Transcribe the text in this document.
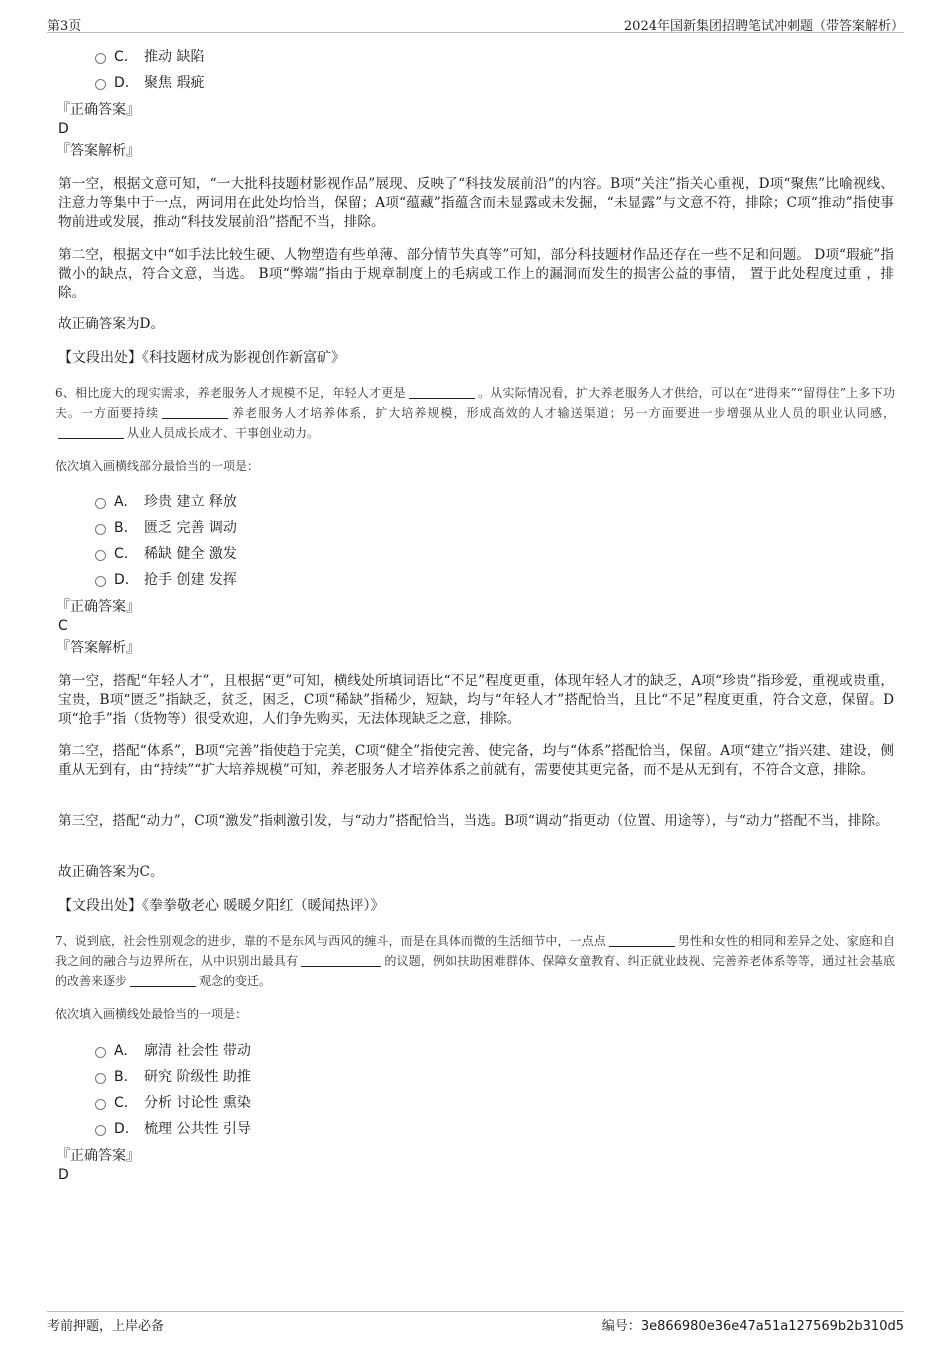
第3页	2024年国新集团招聘笔试冲刺题（带答案解析）
C. 推动 缺陷
D. 聚焦 瑕疵
『正确答案』
D
『答案解析』
第一空，根据文意可知，“一大批科技题材影视作品”展现、反映了“科技发展前沿”的内容。B项“关注”指关心重视，D项“聚焦”比喻视线、注意力等集中于一点，两词用在此处均恰当，保留；A项“蕴藏”指蕴含而未显露或未发掘，“未显露”与文意不符，排除；C项“推动”指使事物前进或发展，推动“科技发展前沿”搭配不当，排除。
第二空，根据文中“如手法比较生硬、人物塑造有些单薄、部分情节失真等”可知，部分科技题材作品还存在一些不足和问题。 D项“瑕疵”指微小的缺点，符合文意，当选。 B项“弊端”指由于规章制度上的毛病或工作上的漏洞而发生的损害公益的事情， 置于此处程度过重 ，排除。
故正确答案为D。
【文段出处】《科技题材成为影视创作新富矿》
6、相比庞大的现实需求，养老服务人才规模不足，年轻人才更是	。从实际情况看，扩大养老服务人才供给，可以在“进得来”“留得住”上多下功夫。一方面要持续	养老服务人才培养体系，扩大培养规模，形成高效的人才输送渠道；另一方面要进一步增强从业人员的职业认同感，从业人员成长成才、干事创业动力。
依次填入画横线部分最恰当的一项是：
A. 珍贵 建立 释放
B. 匮乏 完善 调动
C. 稀缺 健全 激发
D. 抢手 创建 发挥
『正确答案』
C
『答案解析』
第一空，搭配“年轻人才”，且根据“更”可知，横线处所填词语比“不足”程度更重，体现年轻人才的缺乏，A项“珍贵”指珍爱，重视或贵重，宝贵，B项“匮乏”指缺乏，贫乏，困乏，C项“稀缺”指稀少，短缺，均与“年轻人才”搭配恰当，且比“不足”程度更重，符合文意，保留。D项“抢手”指（货物等）很受欢迎，人们争先购买，无法体现缺乏之意，排除。
第二空，搭配“体系”，B项“完善”指使趋于完美，C项“健全”指使完善、使完备，均与“体系”搭配恰当，保留。A项“建立”指兴建、建设，侧重从无到有，由“持续”“扩大培养规模”可知，养老服务人才培养体系之前就有，需要使其更完备，而不是从无到有，不符合文意，排除。
第三空，搭配“动力”，C项“激发”指刺激引发，与“动力”搭配恰当，当选。B项“调动”指更动（位置、用途等），与“动力”搭配不当，排除。
故正确答案为C。
【文段出处】《拳拳敬老心 暖暖夕阳红（暖闻热评）》
7、说到底，社会性别观念的进步，靠的不是东风与西风的缠斗，而是在具体而微的生活细节中，一点点	男性和女性的相同和差异之处、家庭和自我之间的融合与边界所在，从中识别出最具有	的议题，例如扶助困难群体、保障女童教育、纠正就业歧视、完善养老体系等等，通过社会基底的改善来逐步	观念的变迁。
依次填入画横线处最恰当的一项是：
A. 廓清 社会性 带动
B. 研究 阶级性 助推
C. 分析 讨论性 熏染
D. 梳理 公共性 引导
『正确答案』
D
考前押题，上岸必备	编号：3e866980e36e47a51a127569b2b310d5
